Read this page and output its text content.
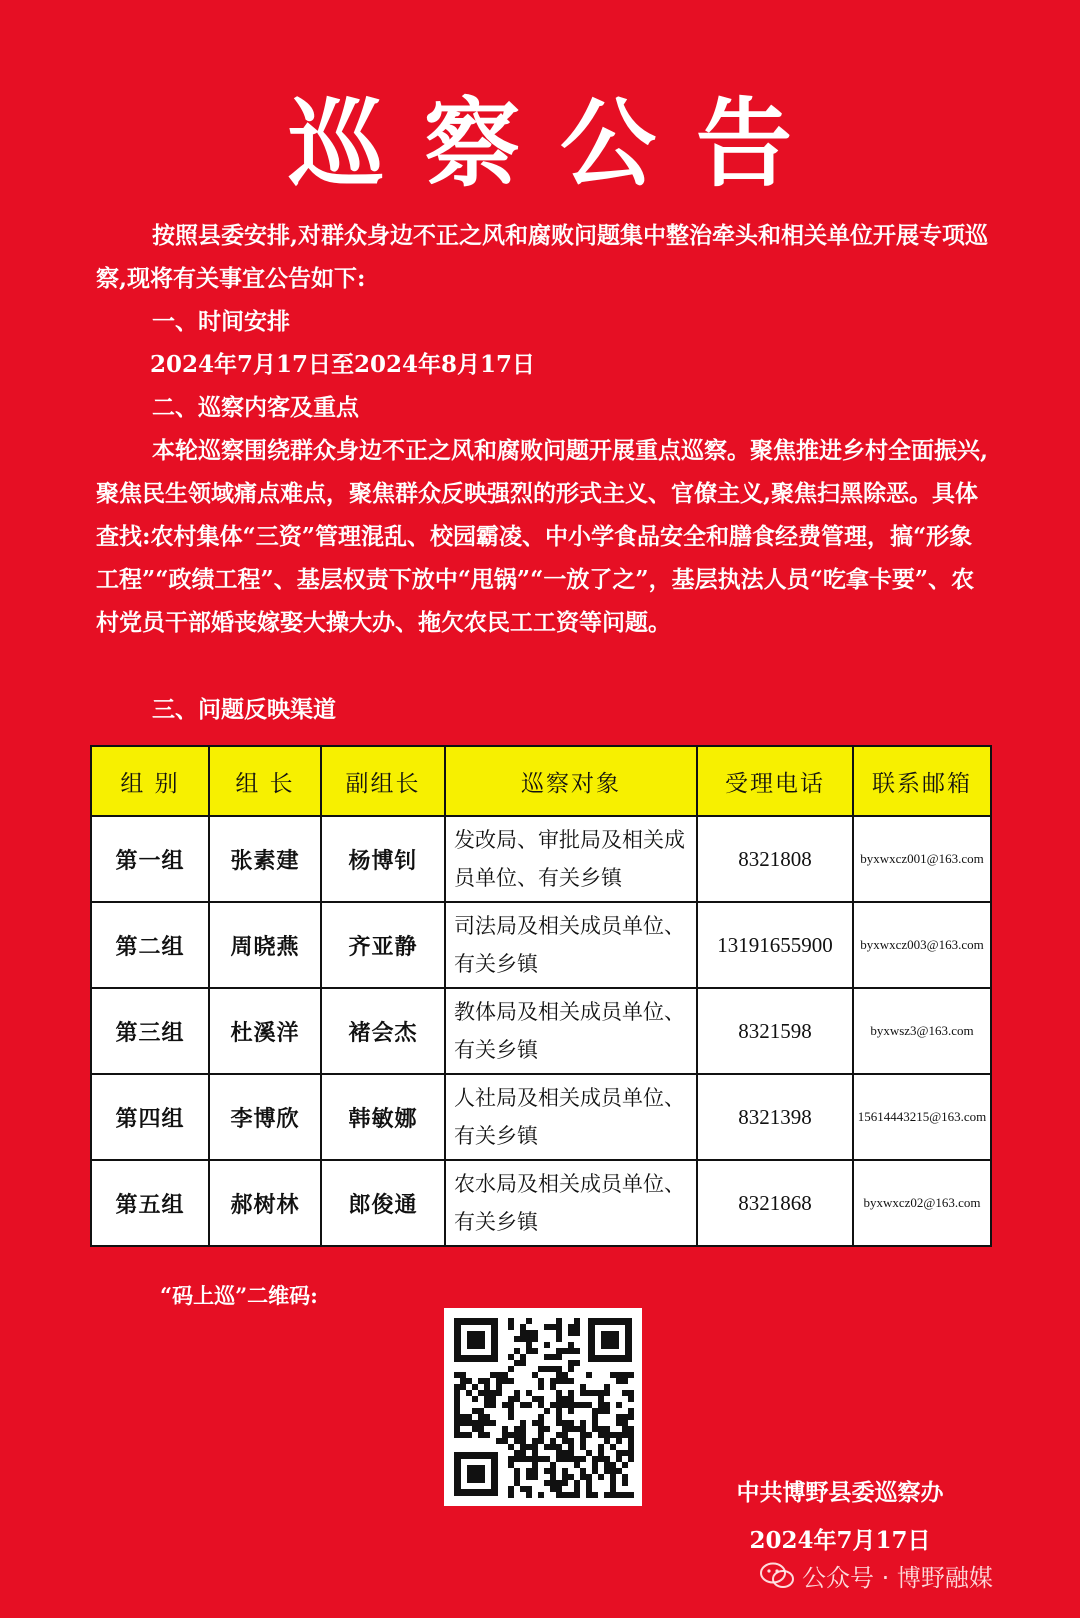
巡察公告
按照县委安排,对群众身边不正之风和腐败问题集中整治牵头和相关单位开展专项巡察,现将有关事宜公告如下:
一、时间安排
2024年7月17日至2024年8月17日
二、巡察内客及重点
本轮巡察围绕群众身边不正之风和腐败问题开展重点巡察。聚焦推进乡村全面振兴,聚焦民生领域痛点难点，聚焦群众反映强烈的形式主义、官僚主义,聚焦扫黑除恶。具体查找:农村集体“三资”管理混乱、校园霸凌、中小学食品安全和膳食经费管理，搞“形象工程”“政绩工程”、基层权责下放中“甩锅”“一放了之”，基层执法人员“吃拿卡要”、农村党员干部婚丧嫁娶大操大办、拖欠农民工工资等问题。
三、问题反映渠道
组 别	组 长	副组长	巡察对象	受理电话	联系邮箱
第一组	张素建	杨博钊	发改局、审批局及相关成员单位、有关乡镇	8321808	byxwxcz001@163.com
第二组	周晓燕	齐亚静	司法局及相关成员单位、有关乡镇	13191655900	byxwxcz003@163.com
第三组	杜溪洋	褚会杰	教体局及相关成员单位、有关乡镇	8321598	byxwsz3@163.com
第四组	李博欣	韩敏娜	人社局及相关成员单位、有关乡镇	8321398	15614443215@163.com
第五组	郝树林	郎俊通	农水局及相关成员单位、有关乡镇	8321868	byxwxcz02@163.com
“码上巡”二维码:
中共博野县委巡察办
2024年7月17日
公众号 · 博野融媒
